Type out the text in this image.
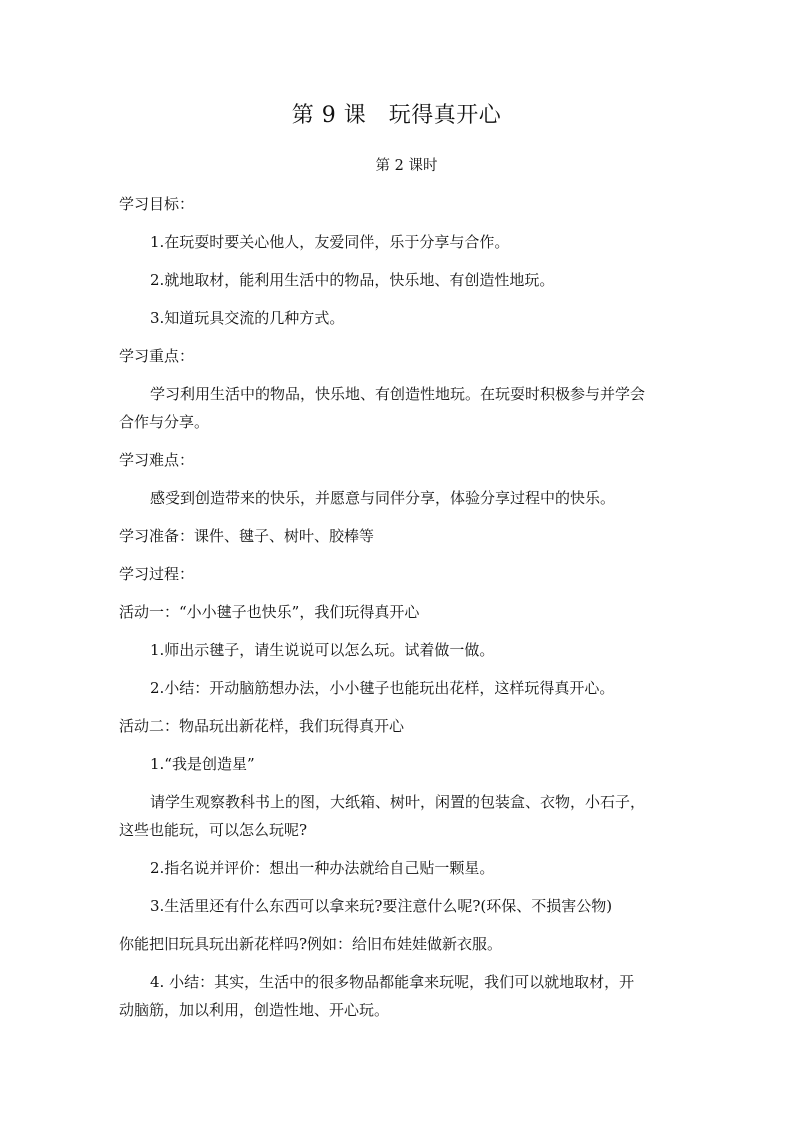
第 9 课　玩得真开心
第 2 课时
学习目标：
1.在玩耍时要关心他人，友爱同伴，乐于分享与合作。
2.就地取材，能利用生活中的物品，快乐地、有创造性地玩。
3.知道玩具交流的几种方式。
学习重点：
学习利用生活中的物品，快乐地、有创造性地玩。在玩耍时积极参与并学会
合作与分享。
学习难点：
感受到创造带来的快乐，并愿意与同伴分享，体验分享过程中的快乐。
学习准备：课件、毽子、树叶、胶棒等
学习过程：
活动一：“小小毽子也快乐”，我们玩得真开心
1.师出示毽子，请生说说可以怎么玩。试着做一做。
2.小结：开动脑筋想办法，小小毽子也能玩出花样，这样玩得真开心。
活动二：物品玩出新花样，我们玩得真开心
1.“我是创造星”
请学生观察教科书上的图，大纸箱、树叶，闲置的包装盒、衣物，小石子，
这些也能玩，可以怎么玩呢?
2.指名说并评价：想出一种办法就给自己贴一颗星。
3.生活里还有什么东西可以拿来玩?要注意什么呢?(环保、不损害公物)
你能把旧玩具玩出新花样吗?例如：给旧布娃娃做新衣服。
4. 小结：其实，生活中的很多物品都能拿来玩呢，我们可以就地取材，开
动脑筋，加以利用，创造性地、开心玩。
